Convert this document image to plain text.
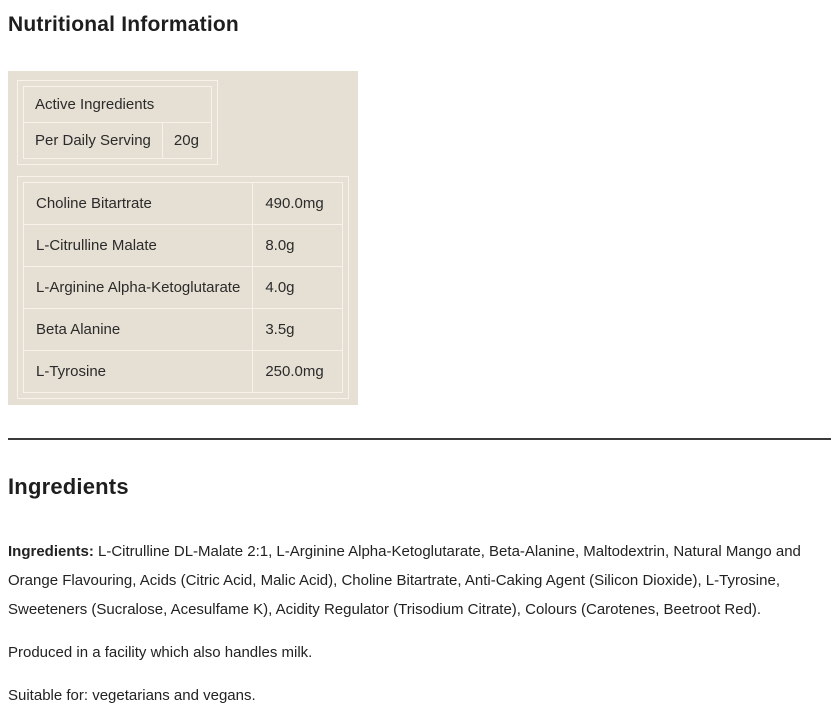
Nutritional Information
Active Ingredients
Per Daily Serving	20g
Choline Bitartrate	490.0mg
L-Citrulline Malate	8.0g
L-Arginine Alpha-Ketoglutarate	4.0g
Beta Alanine	3.5g
L-Tyrosine	250.0mg
Ingredients

Ingredients: L-Citrulline DL-Malate 2:1, L-Arginine Alpha-Ketoglutarate, Beta-Alanine, Maltodextrin, Natural Mango and Orange Flavouring, Acids (Citric Acid, Malic Acid), Choline Bitartrate, Anti-Caking Agent (Silicon Dioxide), L-Tyrosine, Sweeteners (Sucralose, Acesulfame K), Acidity Regulator (Trisodium Citrate), Colours (Carotenes, Beetroot Red).

Produced in a facility which also handles milk.

Suitable for: vegetarians and vegans.
